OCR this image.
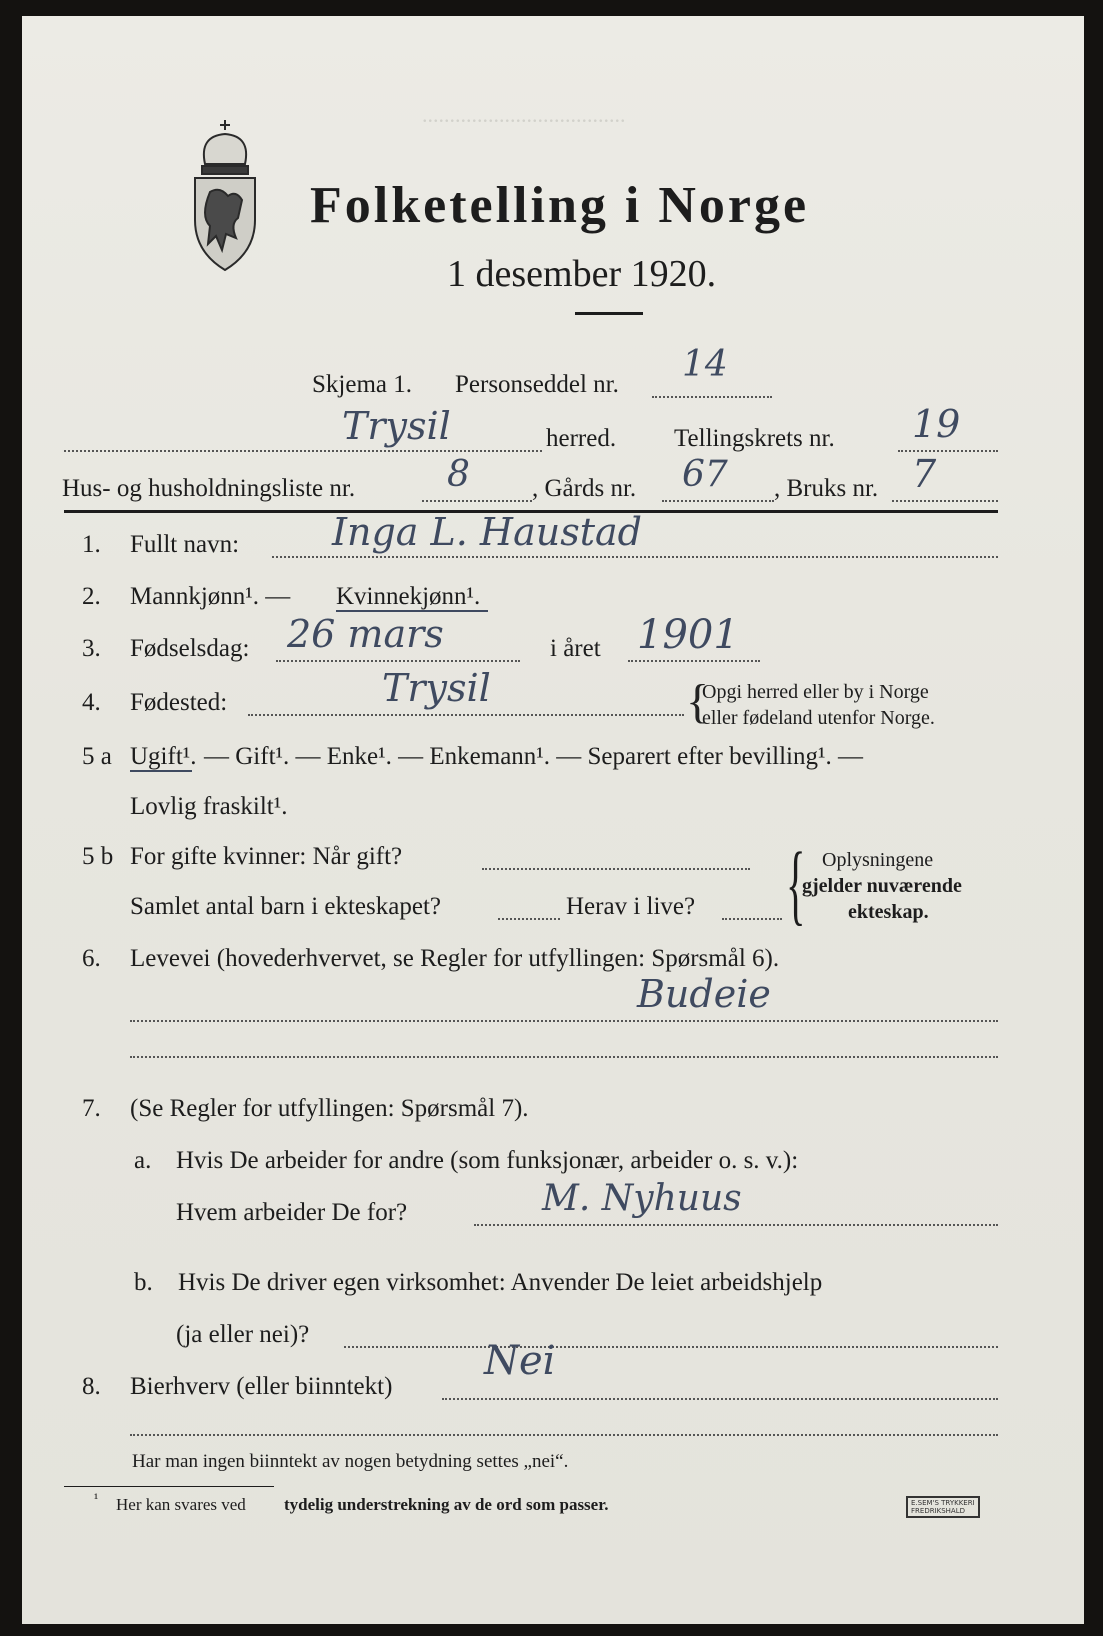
Folketelling i Norge
1 desember 1920.
.....................................
Skjema 1. Personseddel nr. 14
Trysil	herred. Tellingskrets nr. 19
Hus- og husholdningsliste nr.	8 , Gårds nr. 67 , Bruks nr. 7
1. Fullt navn: Inga L. Haustad
2. Mannkjønn¹. — Kvinnekjønn¹.
3. Fødselsdag: 26 mars	i året 1901
4. Fødested:	Trysil	{
Opgi herred eller by i Norge
eller fødeland utenfor Norge.
5 a Ugift¹. — Gift¹. — Enke¹. — Enkemann¹. — Separert efter bevilling¹. —
Lovlig fraskilt¹.
5 b For gifte kvinner: Når gift?
Samlet antal barn i ekteskapet?	Herav i live? { Oplysningene
gjelder nuværende
ekteskap.
6. Levevei (hovederhvervet, se Regler for utfyllingen: Spørsmål 6).
Budeie
7. (Se Regler for utfyllingen: Spørsmål 7).
a. Hvis De arbeider for andre (som funksjonær, arbeider o. s. v.):
Hvem arbeider De for?	M. Nyhuus
b. Hvis De driver egen virksomhet: Anvender De leiet arbeidshjelp
(ja eller nei)?
8. Bierhverv (eller biinntekt)
Nei
Har man ingen biinntekt av nogen betydning settes „nei“.
¹ Her kan svares ved tydelig understrekning av de ord som passer.	E.SEM'S TRYKKERI
FREDRIKSHALD
